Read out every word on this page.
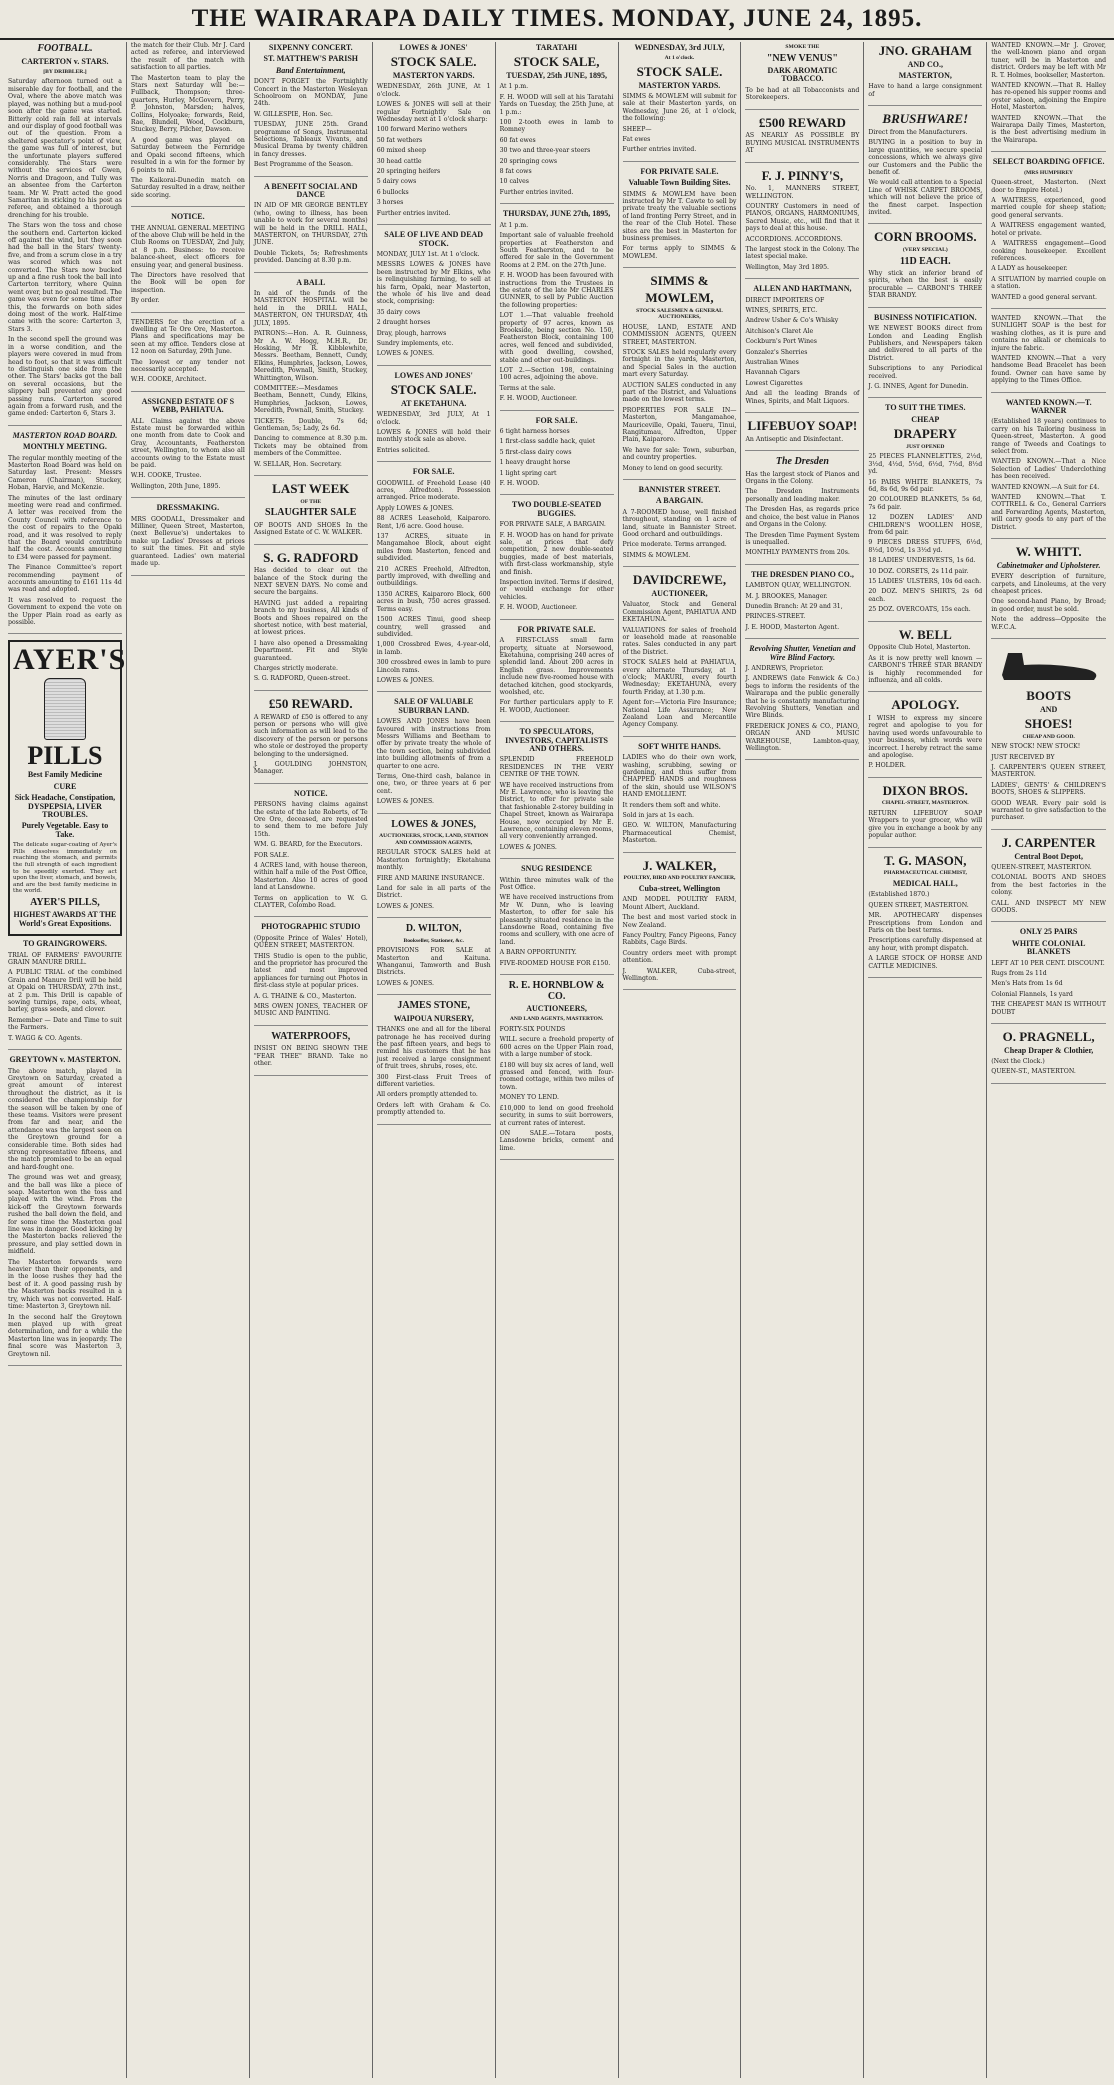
THE WAIRARAPA DAILY TIMES. MONDAY, JUNE 24, 1895.
FOOTBALL.
CARTERTON v. STARS.
[BY DRIBBLER.]

Saturday afternoon turned out a miserable day for football, and the Oval, where the above match was played, was nothing but a mud-pool soon after the game was started. Bitterly cold rain fell at intervals and our display of good football was out of the question. From a sheltered spectator's point of view, the game was full of interest, but the unfortunate players suffered considerably. The Stars were without the services of Gwen, Norris and Dragoon, and Tully was an absentee from the Carterton team. Mr W. Pratt acted the good Samaritan in sticking to his post as referee, and obtained a thorough drenching for his trouble.

The Stars won the toss and chose the southern end. Carterton kicked off against the wind, but they soon had the ball in the Stars' twenty-five, and from a scrum close in a try was scored which was not converted. The Stars now bucked up and a fine rush took the ball into Carterton territory, where Quinn went over, but no goal resulted. The game was even for some time after this, the forwards on both sides doing most of the work. Half-time came with the score: Carterton 3, Stars 3.

In the second spell the ground was in a worse condition, and the players were covered in mud from head to foot, so that it was difficult to distinguish one side from the other. The Stars' backs got the ball on several occasions, but the slippery ball prevented any good passing runs. Carterton scored again from a forward rush, and the game ended: Carterton 6, Stars 3.

MASTERTON ROAD BOARD.
MONTHLY MEETING.

The regular monthly meeting of the Masterton Road Board was held on Saturday last. Present: Messrs Cameron (Chairman), Stuckey, Hoban, Harvie, and McKenzie.

The minutes of the last ordinary meeting were read and confirmed. A letter was received from the County Council with reference to the cost of repairs to the Opaki road, and it was resolved to reply that the Board would contribute half the cost. Accounts amounting to £34 were passed for payment.

The Finance Committee's report recommending payment of accounts amounting to £161 11s 4d was read and adopted.

It was resolved to request the Government to expend the vote on the Upper Plain road as early as possible.

AYER'S
PILLS
Best Family Medicine
CURE
Sick Headache, Constipation, DYSPEPSIA, LIVER TROUBLES.
Purely Vegetable. Easy to Take.

The delicate sugar-coating of Ayer's Pills dissolves immediately on reaching the stomach, and permits the full strength of each ingredient to be speedily exerted. They act upon the liver, stomach, and bowels, and are the best family medicine in the world.

AYER'S PILLS,
HIGHEST AWARDS AT THE World's Great Expositions.
TO GRAINGROWERS.

TRIAL OF FARMERS' FAVOURITE GRAIN MANURE DRILL.

A PUBLIC TRIAL of the combined Grain and Manure Drill will be held at Opaki on THURSDAY, 27th inst., at 2 p.m. This Drill is capable of sowing turnips, rape, oats, wheat, barley, grass seeds, and clover.

Remember — Date and Time to suit the Farmers.

T. WAGG & CO. Agents.

GREYTOWN v. MASTERTON.

The above match, played in Greytown on Saturday, created a great amount of interest throughout the district, as it is considered the championship for the season will be taken by one of these teams. Visitors were present from far and near, and the attendance was the largest seen on the Greytown ground for a considerable time. Both sides had strong representative fifteens, and the match promised to be an equal and hard-fought one.

The ground was wet and greasy, and the ball was like a piece of soap. Masterton won the toss and played with the wind. From the kick-off the Greytown forwards rushed the ball down the field, and for some time the Masterton goal line was in danger. Good kicking by the Masterton backs relieved the pressure, and play settled down in midfield.

The Masterton forwards were heavier than their opponents, and in the loose rushes they had the best of it. A good passing rush by the Masterton backs resulted in a try, which was not converted. Half-time: Masterton 3, Greytown nil.

In the second half the Greytown men played up with great determination, and for a while the Masterton line was in jeopardy. The final score was Masterton 3, Greytown nil.

the match for their Club. Mr J. Card acted as referee, and interviewed the result of the match with satisfaction to all parties.

The Masterton team to play the Stars next Saturday will be:— Fullback, Thompson; three-quarters, Hurley, McGovern, Perry, P. Johnston, Marsden; halves, Collins, Holyoake; forwards, Reid, Rae, Blundell, Wood, Cockburn, Stuckey, Berry, Pilcher, Dawson.

A good game was played on Saturday between the Fernridge and Opaki second fifteens, which resulted in a win for the former by 6 points to nil.

The Kaikorai-Dunedin match on Saturday resulted in a draw, neither side scoring.

NOTICE.

THE ANNUAL GENERAL MEETING of the above Club will be held in the Club Rooms on TUESDAY, 2nd July, at 8 p.m. Business: to receive balance-sheet, elect officers for ensuing year, and general business.

The Directors have resolved that the Book will be open for inspection.

By order.

TENDERS for the erection of a dwelling at Te Ore Ore, Masterton. Plans and specifications may be seen at my office. Tenders close at 12 noon on Saturday, 29th June.

The lowest or any tender not necessarily accepted.

W.H. COOKE, Architect.

ASSIGNED ESTATE OF S WEBB, PAHIATUA.

ALL Claims against the above Estate must be forwarded within one month from date to Cook and Gray, Accountants, Featherston street, Wellington, to whom also all accounts owing to the Estate must be paid.

W.H. COOKE, Trustee.

Wellington, 20th June, 1895.

DRESSMAKING.

MRS GOODALL, Dressmaker and Milliner, Queen Street, Masterton, (next Bellevue's) undertakes to make up Ladies' Dresses at prices to suit the times. Fit and style guaranteed. Ladies' own material made up.

SIXPENNY CONCERT.
ST. MATTHEW'S PARISH
Band Entertainment,

DON'T FORGET the Fortnightly Concert in the Masterton Wesleyan Schoolroom on MONDAY, June 24th.

W. GILLESPIE, Hon. Sec.

TUESDAY, JUNE 25th. Grand programme of Songs, Instrumental Selections, Tableaux Vivants, and Musical Drama by twenty children in fancy dresses.

Best Programme of the Season.

A BENEFIT SOCIAL AND DANCE

IN AID OF MR GEORGE BENTLEY (who, owing to illness, has been unable to work for several months) will be held in the DRILL HALL, MASTERTON, on THURSDAY, 27th JUNE.

Double Tickets, 5s; Refreshments provided. Dancing at 8.30 p.m.

A BALL

In aid of the funds of the MASTERTON HOSPITAL will be held in the DRILL HALL, MASTERTON, ON THURSDAY, 4th JULY, 1895.

PATRONS:—Hon. A. R. Guinness, Mr A. W. Hogg, M.H.R., Dr. Hosking, Mr R. Kibblewhite, Messrs. Beetham, Bennett, Cundy, Elkins, Humphries, Jackson, Lowes, Meredith, Pownall, Smith, Stuckey, Whittington, Wilson.

COMMITTEE:—Mesdames Beetham, Bennett, Cundy, Elkins, Humphries, Jackson, Lowes, Meredith, Pownall, Smith, Stuckey.

TICKETS: Double, 7s 6d; Gentleman, 5s; Lady, 2s 6d.

Dancing to commence at 8.30 p.m. Tickets may be obtained from members of the Committee.

W. SELLAR, Hon. Secretary.

LAST WEEK
OF THE
SLAUGHTER SALE

OF BOOTS AND SHOES In the Assigned Estate of C. W. WALKER.

S. G. RADFORD

Has decided to clear out the balance of the Stock during the NEXT SEVEN DAYS. No come and secure the bargains.

HAVING just added a repairing branch to my business, All kinds of Boots and Shoes repaired on the shortest notice, with best material, at lowest prices.

I have also opened a Dressmaking Department. Fit and Style guaranteed.

Charges strictly moderate.

S. G. RADFORD, Queen-street.

£50 REWARD.

A REWARD of £50 is offered to any person or persons who will give such information as will lead to the discovery of the person or persons who stole or destroyed the property belonging to the undersigned.

J. GOULDING JOHNSTON, Manager.

NOTICE.

PERSONS having claims against the estate of the late Roberts, of Te Ore Ore, deceased, are requested to send them to me before July 15th.

WM. G. BEARD, for the Executors.

FOR SALE.

4 ACRES land, with house thereon, within half a mile of the Post Office, Masterton. Also 10 acres of good land at Lansdowne.

Terms on application to W. G. CLAYTER, Colombo Road.

PHOTOGRAPHIC STUDIO

(Opposite Prince of Wales' Hotel), QUEEN STREET, MASTERTON.

THIS Studio is open to the public, and the proprietor has procured the latest and most improved appliances for turning out Photos in first-class style at popular prices.

A. G. THAINE & CO., Masterton.

MRS OWEN JONES, TEACHER OF MUSIC AND PAINTING.

WATERPROOFS,

INSIST ON BEING SHOWN THE "FEAR THEE" BRAND. Take no other.

LOWES & JONES'
STOCK SALE.
MASTERTON YARDS.

WEDNESDAY, 26th JUNE, At 1 o'clock.

LOWES & JONES will sell at their regular Fortnightly Sale on Wednesday next at 1 o'clock sharp:

100 forward Merino wethers

50 fat wethers

60 mixed sheep

30 head cattle

20 springing heifers

5 dairy cows

6 bullocks

3 horses

Further entries invited.

SALE OF LIVE AND DEAD STOCK.

MONDAY, JULY 1st. At 1 o'clock.

MESSRS LOWES & JONES have been instructed by Mr Elkins, who is relinquishing farming, to sell at his farm, Opaki, near Masterton, the whole of his live and dead stock, comprising:

35 dairy cows

2 draught horses

Dray, plough, harrows

Sundry implements, etc.

LOWES & JONES.

LOWES AND JONES'
STOCK SALE.
AT EKETAHUNA.

WEDNESDAY, 3rd JULY, At 1 o'clock.

LOWES & JONES will hold their monthly stock sale as above.

Entries solicited.

FOR SALE.

GOODWILL of Freehold Lease (40 acres, Alfredton). Possession arranged. Price moderate.

Apply LOWES & JONES.

88 ACRES Leasehold, Kaiparoro. Rent, 1/6 acre. Good house.

137 ACRES, situate in Mangamahoe Block, about eight miles from Masterton, fenced and subdivided.

210 ACRES Freehold, Alfredton, partly improved, with dwelling and outbuildings.

1350 ACRES, Kaiparoro Block, 600 acres in bush, 750 acres grassed. Terms easy.

1500 ACRES Tinui, good sheep country, well grassed and subdivided.

1,000 Crossbred Ewes, 4-year-old, in lamb.

300 crossbred ewes in lamb to pure Lincoln rams.

LOWES & JONES.

SALE OF VALUABLE SUBURBAN LAND.

LOWES AND JONES have been favoured with instructions from Messrs Williams and Beetham to offer by private treaty the whole of the town section, being subdivided into building allotments of from a quarter to one acre.

Terms, One-third cash, balance in one, two, or three years at 6 per cent.

LOWES & JONES.

LOWES & JONES,
AUCTIONEERS, STOCK, LAND, STATION AND COMMISSION AGENTS,

REGULAR STOCK SALES held at Masterton fortnightly; Eketahuna monthly.

FIRE AND MARINE INSURANCE.

Land for sale in all parts of the District.

LOWES & JONES.

D. WILTON,
Bookseller, Stationer, &c.

PROVISIONS FOR SALE at Masterton and Kaituna. Whanganui, Tamworth and Bush Districts.

LOWES & JONES.

JAMES STONE,
WAIPOUA NURSERY,

THANKS one and all for the liberal patronage he has received during the past fifteen years, and begs to remind his customers that he has just received a large consignment of fruit trees, shrubs, roses, etc.

300 First-class Fruit Trees of different varieties.

All orders promptly attended to.

Orders left with Graham & Co. promptly attended to.

TARATAHI
STOCK SALE,
TUESDAY, 25th JUNE, 1895,

At 1 p.m.

F. H. WOOD will sell at his Taratahi Yards on Tuesday, the 25th June, at 1 p.m.:

100 2-tooth ewes in lamb to Romney

60 fat ewes

30 two and three-year steers

20 springing cows

8 fat cows

10 calves

Further entries invited.

THURSDAY, JUNE 27th, 1895,

At 1 p.m.

Important sale of valuable freehold properties at Featherston and South Featherston, and to be offered for sale in the Government Rooms at 2 P.M. on the 27th June.

F. H. WOOD has been favoured with instructions from the Trustees in the estate of the late Mr CHARLES GUNNER, to sell by Public Auction the following properties:

LOT 1.—That valuable freehold property of 97 acres, known as Brookside, being section No. 150, Featherston Block, containing 100 acres, well fenced and subdivided, with good dwelling, cowshed, stable and other out-buildings.

LOT 2.—Section 198, containing 100 acres, adjoining the above.

Terms at the sale.

F. H. WOOD, Auctioneer.

FOR SALE.

6 tight harness horses

1 first-class saddle hack, quiet

5 first-class dairy cows

1 heavy draught horse

1 light spring cart

F. H. WOOD.

TWO DOUBLE-SEATED BUGGIES.

FOR PRIVATE SALE, A BARGAIN.

F. H. WOOD has on hand for private sale, at prices that defy competition, 2 new double-seated buggies, made of best materials, with first-class workmanship, style and finish.

Inspection invited. Terms if desired, or would exchange for other vehicles.

F. H. WOOD, Auctioneer.

FOR PRIVATE SALE.

A FIRST-CLASS small farm property, situate at Norsewood, Eketahuna, comprising 240 acres of splendid land. About 200 acres in English grass. Improvements include new five-roomed house with detached kitchen, good stockyards, woolshed, etc.

For further particulars apply to F. H. WOOD, Auctioneer.

TO SPECULATORS, INVESTORS, CAPITALISTS AND OTHERS.

SPLENDID FREEHOLD RESIDENCES IN THE VERY CENTRE OF THE TOWN.

WE have received instructions from Mr E. Lawrence, who is leaving the District, to offer for private sale that fashionable 2-storey building in Chapel Street, known as Wairarapa House, now occupied by Mr E. Lawrence, containing eleven rooms, all very conveniently arranged.

LOWES & JONES.

SNUG RESIDENCE

Within three minutes walk of the Post Office.

WE have received instructions from Mr W. Dunn, who is leaving Masterton, to offer for sale his pleasantly situated residence in the Lansdowne Road, containing five rooms and scullery, with one acre of land.

A BARN OPPORTUNITY.

FIVE-ROOMED HOUSE FOR £150.

R. E. HORNBLOW & CO.
AUCTIONEERS,
AND LAND AGENTS, MASTERTON.

FORTY-SIX POUNDS

WILL secure a freehold property of 600 acres on the Upper Plain road, with a large number of stock.

£180 will buy six acres of land, well grassed and fenced, with four-roomed cottage, within two miles of town.

MONEY TO LEND.

£10,000 to lend on good freehold security, in sums to suit borrowers, at current rates of interest.

ON SALE.—Totara posts, Lansdowne bricks, cement and lime.

WEDNESDAY, 3rd JULY,
At 1 o'clock.
STOCK SALE.
MASTERTON YARDS.

SIMMS & MOWLEM will submit for sale at their Masterton yards, on Wednesday, June 26, at 1 o'clock, the following:

SHEEP—

Fat ewes

Further entries invited.

FOR PRIVATE SALE.
Valuable Town Building Sites.

SIMMS & MOWLEM have been instructed by Mr T. Cawte to sell by private treaty the valuable sections of land fronting Perry Street, and in the rear of the Club Hotel. These sites are the best in Masterton for business premises.

For terms apply to SIMMS & MOWLEM.

SIMMS &
MOWLEM,
STOCK SALESMEN & GENERAL AUCTIONEERS,

HOUSE, LAND, ESTATE AND COMMISSION AGENTS, QUEEN STREET, MASTERTON.

STOCK SALES held regularly every fortnight in the yards, Masterton, and Special Sales in the auction mart every Saturday.

AUCTION SALES conducted in any part of the District, and Valuations made on the lowest terms.

PROPERTIES FOR SALE IN—Masterton, Mangamahoe, Mauriceville, Opaki, Taueru, Tinui, Rangitumau, Alfredton, Upper Plain, Kaiparoro.

We have for sale: Town, suburban, and country properties.

Money to lend on good security.

BANNISTER STREET.
A BARGAIN.

A 7-ROOMED house, well finished throughout, standing on 1 acre of land, situate in Bannister Street. Good orchard and outbuildings.

Price moderate. Terms arranged.

SIMMS & MOWLEM.

DAVIDCREWE,
AUCTIONEER,

Valuator, Stock and General Commission Agent, PAHIATUA AND EKETAHUNA.

VALUATIONS for sales of freehold or leasehold made at reasonable rates. Sales conducted in any part of the District.

STOCK SALES held at PAHIATUA, every alternate Thursday, at 1 o'clock; MAKURI, every fourth Wednesday; EKETAHUNA, every fourth Friday, at 1.30 p.m.

Agent for:—Victoria Fire Insurance; National Life Assurance; New Zealand Loan and Mercantile Agency Company.

SOFT WHITE HANDS.

LADIES who do their own work, washing, scrubbing, sewing or gardening, and thus suffer from CHAPPED HANDS and roughness of the skin, should use WILSON'S HAND EMOLLIENT.

It renders them soft and white.

Sold in jars at 1s each.

GEO. W. WILTON, Manufacturing Pharmaceutical Chemist, Masterton.

J. WALKER,
POULTRY, BIRD AND POULTRY FANCIER,
Cuba-street, Wellington

AND MODEL POULTRY FARM, Mount Albert, Auckland.

The best and most varied stock in New Zealand.

Fancy Poultry, Fancy Pigeons, Fancy Rabbits, Cage Birds.

Country orders meet with prompt attention.

J. WALKER, Cuba-street, Wellington.

SMOKE THE
"NEW VENUS"
DARK AROMATIC TOBACCO.

To be had at all Tobacconists and Storekeepers.

£500 REWARD

AS NEARLY AS POSSIBLE BY BUYING MUSICAL INSTRUMENTS AT

F. J. PINNY'S,

No. 1, MANNERS STREET, WELLINGTON.

COUNTRY Customers in need of PIANOS, ORGANS, HARMONIUMS, Sacred Music, etc., will find that it pays to deal at this house.

ACCORDIONS. ACCORDIONS.

The largest stock in the Colony. The latest special make.

Wellington, May 3rd 1895.

ALLEN AND HARTMANN,

DIRECT IMPORTERS OF

WINES, SPIRITS, ETC.

Andrew Usher & Co's Whisky

Aitchison's Claret Ale

Cockburn's Port Wines

Gonzalez's Sherries

Australian Wines

Havannah Cigars

Lowest Cigarettes

And all the leading Brands of Wines, Spirits, and Malt Liquors.

LIFEBUOY SOAP!

An Antiseptic and Disinfectant.

The Dresden

Has the largest stock of Pianos and Organs in the Colony.

The Dresden Instruments personally and leading maker.

The Dresden Has, as regards price and choice, the best value in Pianos and Organs in the Colony.

The Dresden Time Payment System is unequalled.

MONTHLY PAYMENTS from 20s.

THE DRESDEN PIANO CO.,

LAMBTON QUAY, WELLINGTON.

M. J. BROOKES, Manager.

Dunedin Branch: At 29 and 31,

PRINCES-STREET.

J. E. HOOD, Masterton Agent.

Revolving Shutter, Venetian and Wire Blind Factory.

J. ANDREWS, Proprietor.

J. ANDREWS (late Fenwick & Co.) begs to inform the residents of the Wairarapa and the public generally that he is constantly manufacturing Revolving Shutters, Venetian and Wire Blinds.

FREDERICK JONES & CO., PIANO, ORGAN AND MUSIC WAREHOUSE, Lambton-quay, Wellington.

JNO. GRAHAM
AND CO.,
MASTERTON,

Have to hand a large consignment of

BRUSHWARE!

Direct from the Manufacturers.

BUYING in a position to buy in large quantities, we secure special concessions, which we always give our Customers and the Public the benefit of.

We would call attention to a Special Line of WHISK CARPET BROOMS, which will not believe the price of the finest carpet. Inspection invited.

CORN BROOMS.
(VERY SPECIAL)
11D EACH.

Why stick an inferior brand of spirits, when the best is easily procurable — CARBONI'S THREE STAR BRANDY.

BUSINESS NOTIFICATION.

WE NEWEST BOOKS direct from London and Leading English Publishers, and Newspapers taken and delivered to all parts of the District.

Subscriptions to any Periodical received.

J. G. INNES, Agent for Dunedin.

TO SUIT THE TIMES.
CHEAP
DRAPERY
JUST OPENED

25 PIECES FLANNELETTES, 2½d, 3½d, 4½d, 5½d, 6½d, 7½d, 8½d yd.

16 PAIRS WHITE BLANKETS, 7s 6d, 8s 6d, 9s 6d pair.

20 COLOURED BLANKETS, 5s 6d, 7s 6d pair.

12 DOZEN LADIES' AND CHILDREN'S WOOLLEN HOSE, from 6d pair.

9 PIECES DRESS STUFFS, 6½d, 8½d, 10½d, 1s 3½d yd.

18 LADIES' UNDERVESTS, 1s 6d.

10 DOZ. CORSETS, 2s 11d pair.

15 LADIES' ULSTERS, 10s 6d each.

20 DOZ. MEN'S SHIRTS, 2s 6d each.

25 DOZ. OVERCOATS, 15s each.

W. BELL

Opposite Club Hotel, Masterton.

As it is now pretty well known — CARBONI'S THREE STAR BRANDY is highly recommended for influenza, and all colds.

APOLOGY.

I WISH to express my sincere regret and apologise to you for having used words unfavourable to your business, which words were incorrect. I hereby retract the same and apologise.

P. HOLDER.

DIXON BROS.
CHAPEL-STREET, MASTERTON.

RETURN LIFEBUOY SOAP Wrappers to your grocer, who will give you in exchange a book by any popular author.

T. G. MASON,
PHARMACEUTICAL CHEMIST,
MEDICAL HALL,

(Established 1870.)

QUEEN STREET, MASTERTON.

MR. APOTHECARY dispenses Prescriptions from London and Paris on the best terms.

Prescriptions carefully dispensed at any hour, with prompt dispatch.

A LARGE STOCK OF HORSE AND CATTLE MEDICINES.

WANTED KNOWN.—Mr J. Grover, the well-known piano and organ tuner, will be in Masterton and district. Orders may be left with Mr R. T. Holmes, bookseller, Masterton.

WANTED KNOWN.—That R. Halley has re-opened his supper rooms and oyster saloon, adjoining the Empire Hotel, Masterton.

WANTED KNOWN.—That the Wairarapa Daily Times, Masterton, is the best advertising medium in the Wairarapa.

SELECT BOARDING OFFICE.
(MRS HUMPHREY

Queen-street, Masterton. (Next door to Empire Hotel.)

A WAITRESS, experienced, good married couple for sheep station; good general servants.

A WAITRESS engagement wanted, hotel or private.

A WAITRESS engagement—Good cooking housekeeper. Excellent references.

A LADY as housekeeper.

A SITUATION by married couple on a station.

WANTED a good general servant.

WANTED KNOWN.—That the SUNLIGHT SOAP is the best for washing clothes, as it is pure and contains no alkali or chemicals to injure the fabric.

WANTED KNOWN.—That a very handsome Bead Bracelet has been found. Owner can have same by applying to the Times Office.

WANTED KNOWN.—T. WARNER

(Established 18 years) continues to carry on his Tailoring business in Queen-street, Masterton. A good range of Tweeds and Coatings to select from.

WANTED KNOWN.—That a Nice Selection of Ladies' Underclothing has been received.

WANTED KNOWN.—A Suit for £4.

WANTED KNOWN.—That T. COTTRELL & Co., General Carriers and Forwarding Agents, Masterton, will carry goods to any part of the District.

W. WHITT.
Cabinetmaker and Upholsterer.

EVERY description of furniture, carpets, and Linoleums, at the very cheapest prices.

One second-hand Piano, by Broad; in good order, must be sold.

Note the address—Opposite the W.F.C.A.

BOOTS
AND
SHOES!
CHEAP AND GOOD.

NEW STOCK! NEW STOCK!

JUST RECEIVED BY

J. CARPENTER'S QUEEN STREET, MASTERTON.

LADIES', GENTS' & CHILDREN'S BOOTS, SHOES & SLIPPERS.

GOOD WEAR. Every pair sold is warranted to give satisfaction to the purchaser.

J. CARPENTER
Central Boot Depot,

QUEEN-STREET, MASTERTON.

COLONIAL BOOTS AND SHOES from the best factories in the colony.

CALL AND INSPECT MY NEW GOODS.

ONLY 25 PAIRS
WHITE COLONIAL BLANKETS

LEFT AT 10 PER CENT. DISCOUNT.

Rugs from 2s 11d

Men's Hats from 1s 6d

Colonial Flannels, 1s yard

THE CHEAPEST MAN IS WITHOUT DOUBT

O. PRAGNELL,
Cheap Draper & Clothier,

(Next the Clock.)

QUEEN-ST., MASTERTON.
